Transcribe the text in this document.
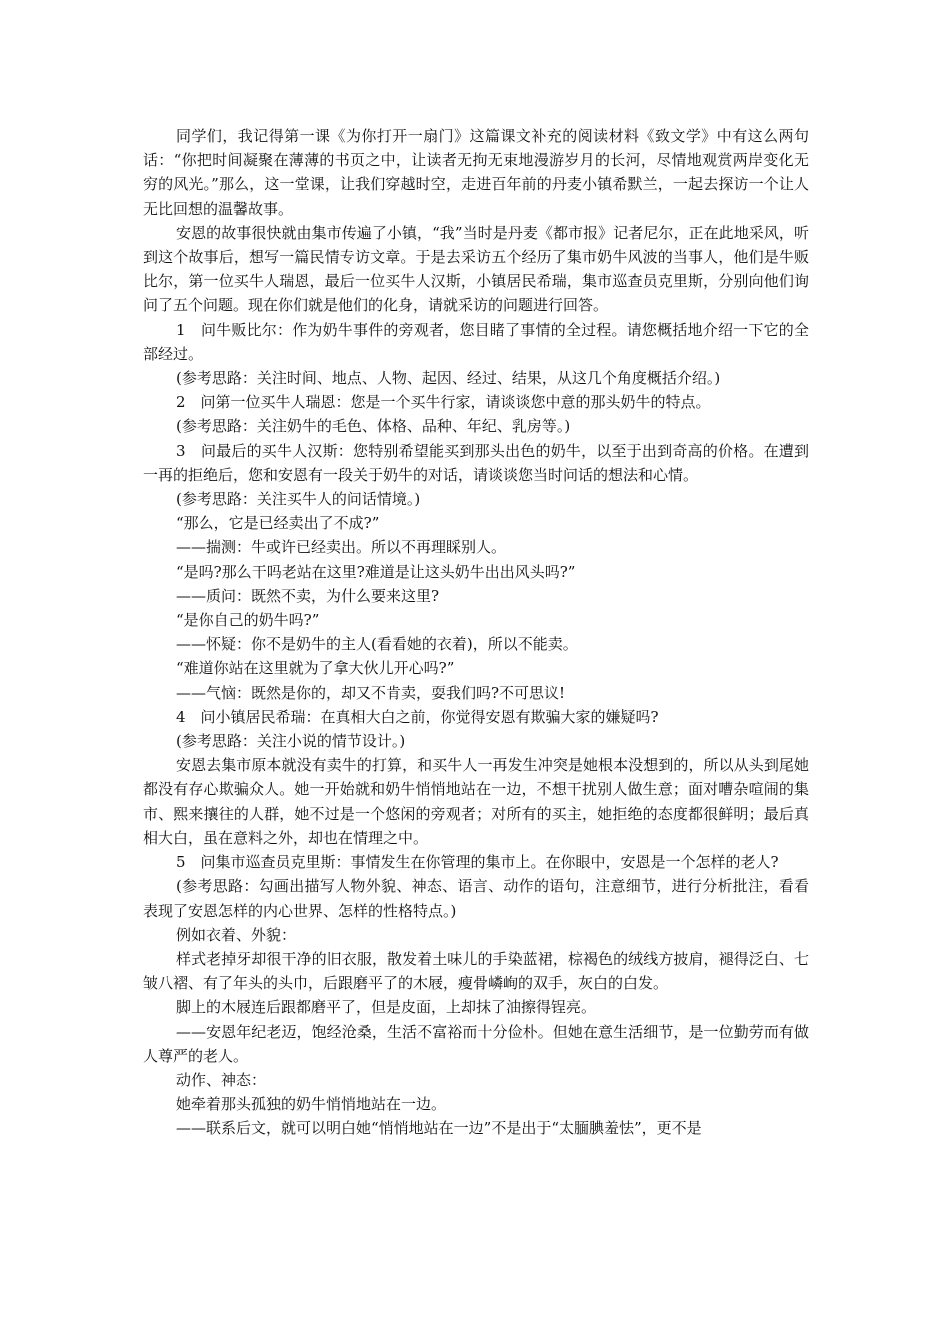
同学们，我记得第一课《为你打开一扇门》这篇课文补充的阅读材料《致文学》中有这么两句话：“你把时间凝聚在薄薄的书页之中，让读者无拘无束地漫游岁月的长河，尽情地观赏两岸变化无穷的风光。”那么，这一堂课，让我们穿越时空，走进百年前的丹麦小镇希默兰，一起去探访一个让人无比回想的温馨故事。

安恩的故事很快就由集市传遍了小镇，“我”当时是丹麦《都市报》记者尼尔，正在此地采风，听到这个故事后，想写一篇民情专访文章。于是去采访五个经历了集市奶牛风波的当事人，他们是牛贩比尔，第一位买牛人瑞恩，最后一位买牛人汉斯，小镇居民希瑞，集市巡查员克里斯，分别向他们询问了五个问题。现在你们就是他们的化身，请就采访的问题进行回答。

1　问牛贩比尔：作为奶牛事件的旁观者，您目睹了事情的全过程。请您概括地介绍一下它的全部经过。

(参考思路：关注时间、地点、人物、起因、经过、结果，从这几个角度概括介绍。)

2　问第一位买牛人瑞恩：您是一个买牛行家，请谈谈您中意的那头奶牛的特点。

(参考思路：关注奶牛的毛色、体格、品种、年纪、乳房等。)

3　问最后的买牛人汉斯：您特别希望能买到那头出色的奶牛，以至于出到奇高的价格。在遭到一再的拒绝后，您和安恩有一段关于奶牛的对话，请谈谈您当时问话的想法和心情。

(参考思路：关注买牛人的问话情境。)

“那么，它是已经卖出了不成?”

——揣测：牛或许已经卖出。所以不再理睬别人。

“是吗?那么干吗老站在这里?难道是让这头奶牛出出风头吗?”

——质问：既然不卖，为什么要来这里?

“是你自己的奶牛吗?”

——怀疑：你不是奶牛的主人(看看她的衣着)，所以不能卖。

“难道你站在这里就为了拿大伙儿开心吗?”

——气恼：既然是你的，却又不肯卖，耍我们吗?不可思议!

4　问小镇居民希瑞：在真相大白之前，你觉得安恩有欺骗大家的嫌疑吗?

(参考思路：关注小说的情节设计。)

安恩去集市原本就没有卖牛的打算，和买牛人一再发生冲突是她根本没想到的，所以从头到尾她都没有存心欺骗众人。她一开始就和奶牛悄悄地站在一边，不想干扰别人做生意；面对嘈杂喧闹的集市、熙来攘往的人群，她不过是一个悠闲的旁观者；对所有的买主，她拒绝的态度都很鲜明；最后真相大白，虽在意料之外，却也在情理之中。

5　问集市巡查员克里斯：事情发生在你管理的集市上。在你眼中，安恩是一个怎样的老人?

(参考思路：勾画出描写人物外貌、神态、语言、动作的语句，注意细节，进行分析批注，看看表现了安恩怎样的内心世界、怎样的性格特点。)

例如衣着、外貌：

样式老掉牙却很干净的旧衣服，散发着土味儿的手染蓝裙，棕褐色的绒线方披肩，褪得泛白、七皱八褶、有了年头的头巾，后跟磨平了的木屐，瘦骨嶙峋的双手，灰白的白发。

脚上的木屐连后跟都磨平了，但是皮面，上却抹了油擦得锃亮。

——安恩年纪老迈，饱经沧桑，生活不富裕而十分俭朴。但她在意生活细节，是一位勤劳而有做人尊严的老人。

动作、神态：

她牵着那头孤独的奶牛悄悄地站在一边。

——联系后文，就可以明白她“悄悄地站在一边”不是出于“太腼腆羞怯”，更不是
